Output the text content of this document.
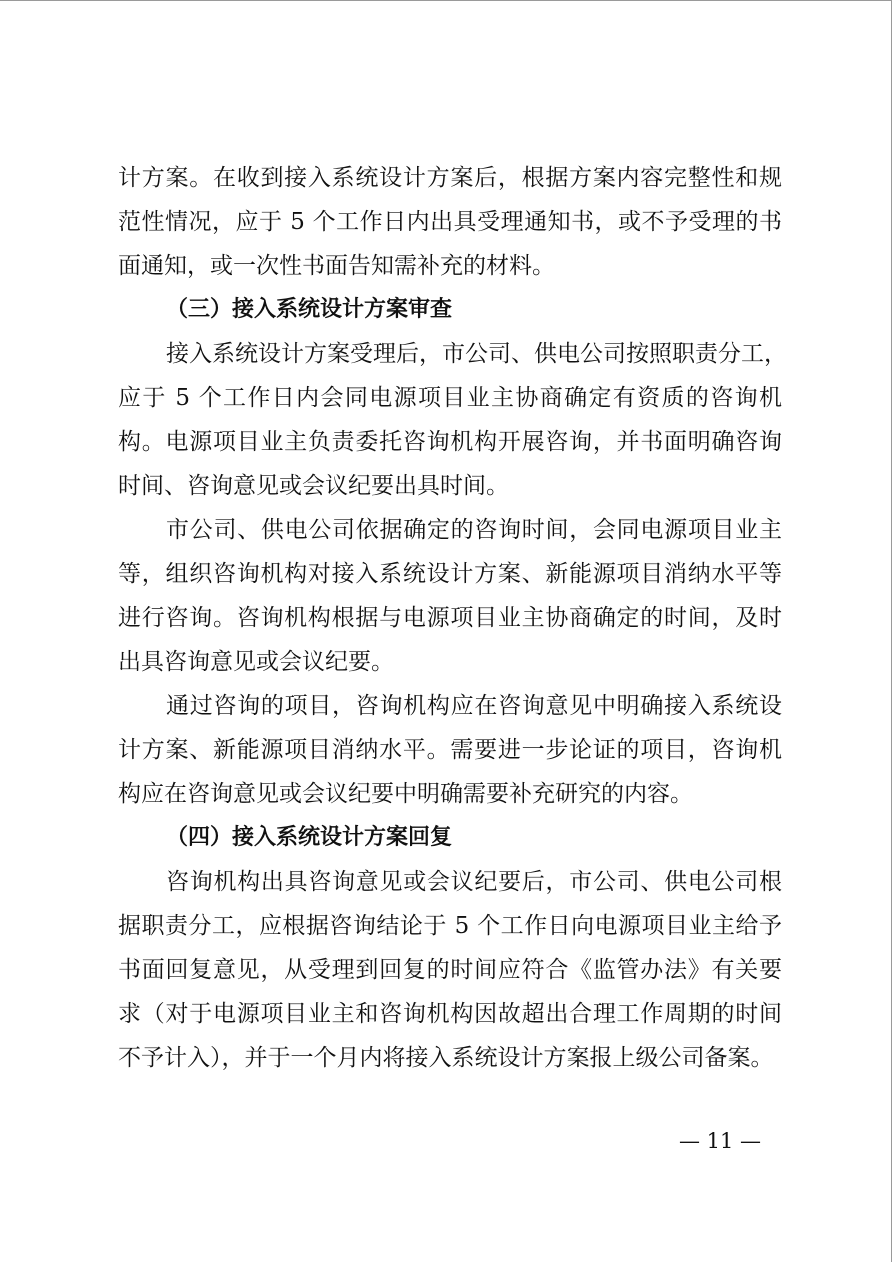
计方案。在收到接入系统设计方案后，根据方案内容完整性和规
范性情况，应于 5 个工作日内出具受理通知书，或不予受理的书
面通知，或一次性书面告知需补充的材料。
（三）接入系统设计方案审查
接入系统设计方案受理后，市公司、供电公司按照职责分工，
应于 5 个工作日内会同电源项目业主协商确定有资质的咨询机
构。电源项目业主负责委托咨询机构开展咨询，并书面明确咨询
时间、咨询意见或会议纪要出具时间。
市公司、供电公司依据确定的咨询时间，会同电源项目业主
等，组织咨询机构对接入系统设计方案、新能源项目消纳水平等
进行咨询。咨询机构根据与电源项目业主协商确定的时间，及时
出具咨询意见或会议纪要。
通过咨询的项目，咨询机构应在咨询意见中明确接入系统设
计方案、新能源项目消纳水平。需要进一步论证的项目，咨询机
构应在咨询意见或会议纪要中明确需要补充研究的内容。
（四）接入系统设计方案回复
咨询机构出具咨询意见或会议纪要后，市公司、供电公司根
据职责分工，应根据咨询结论于 5 个工作日向电源项目业主给予
书面回复意见，从受理到回复的时间应符合《监管办法》有关要
求（对于电源项目业主和咨询机构因故超出合理工作周期的时间
不予计入），并于一个月内将接入系统设计方案报上级公司备案。
— 11 —
